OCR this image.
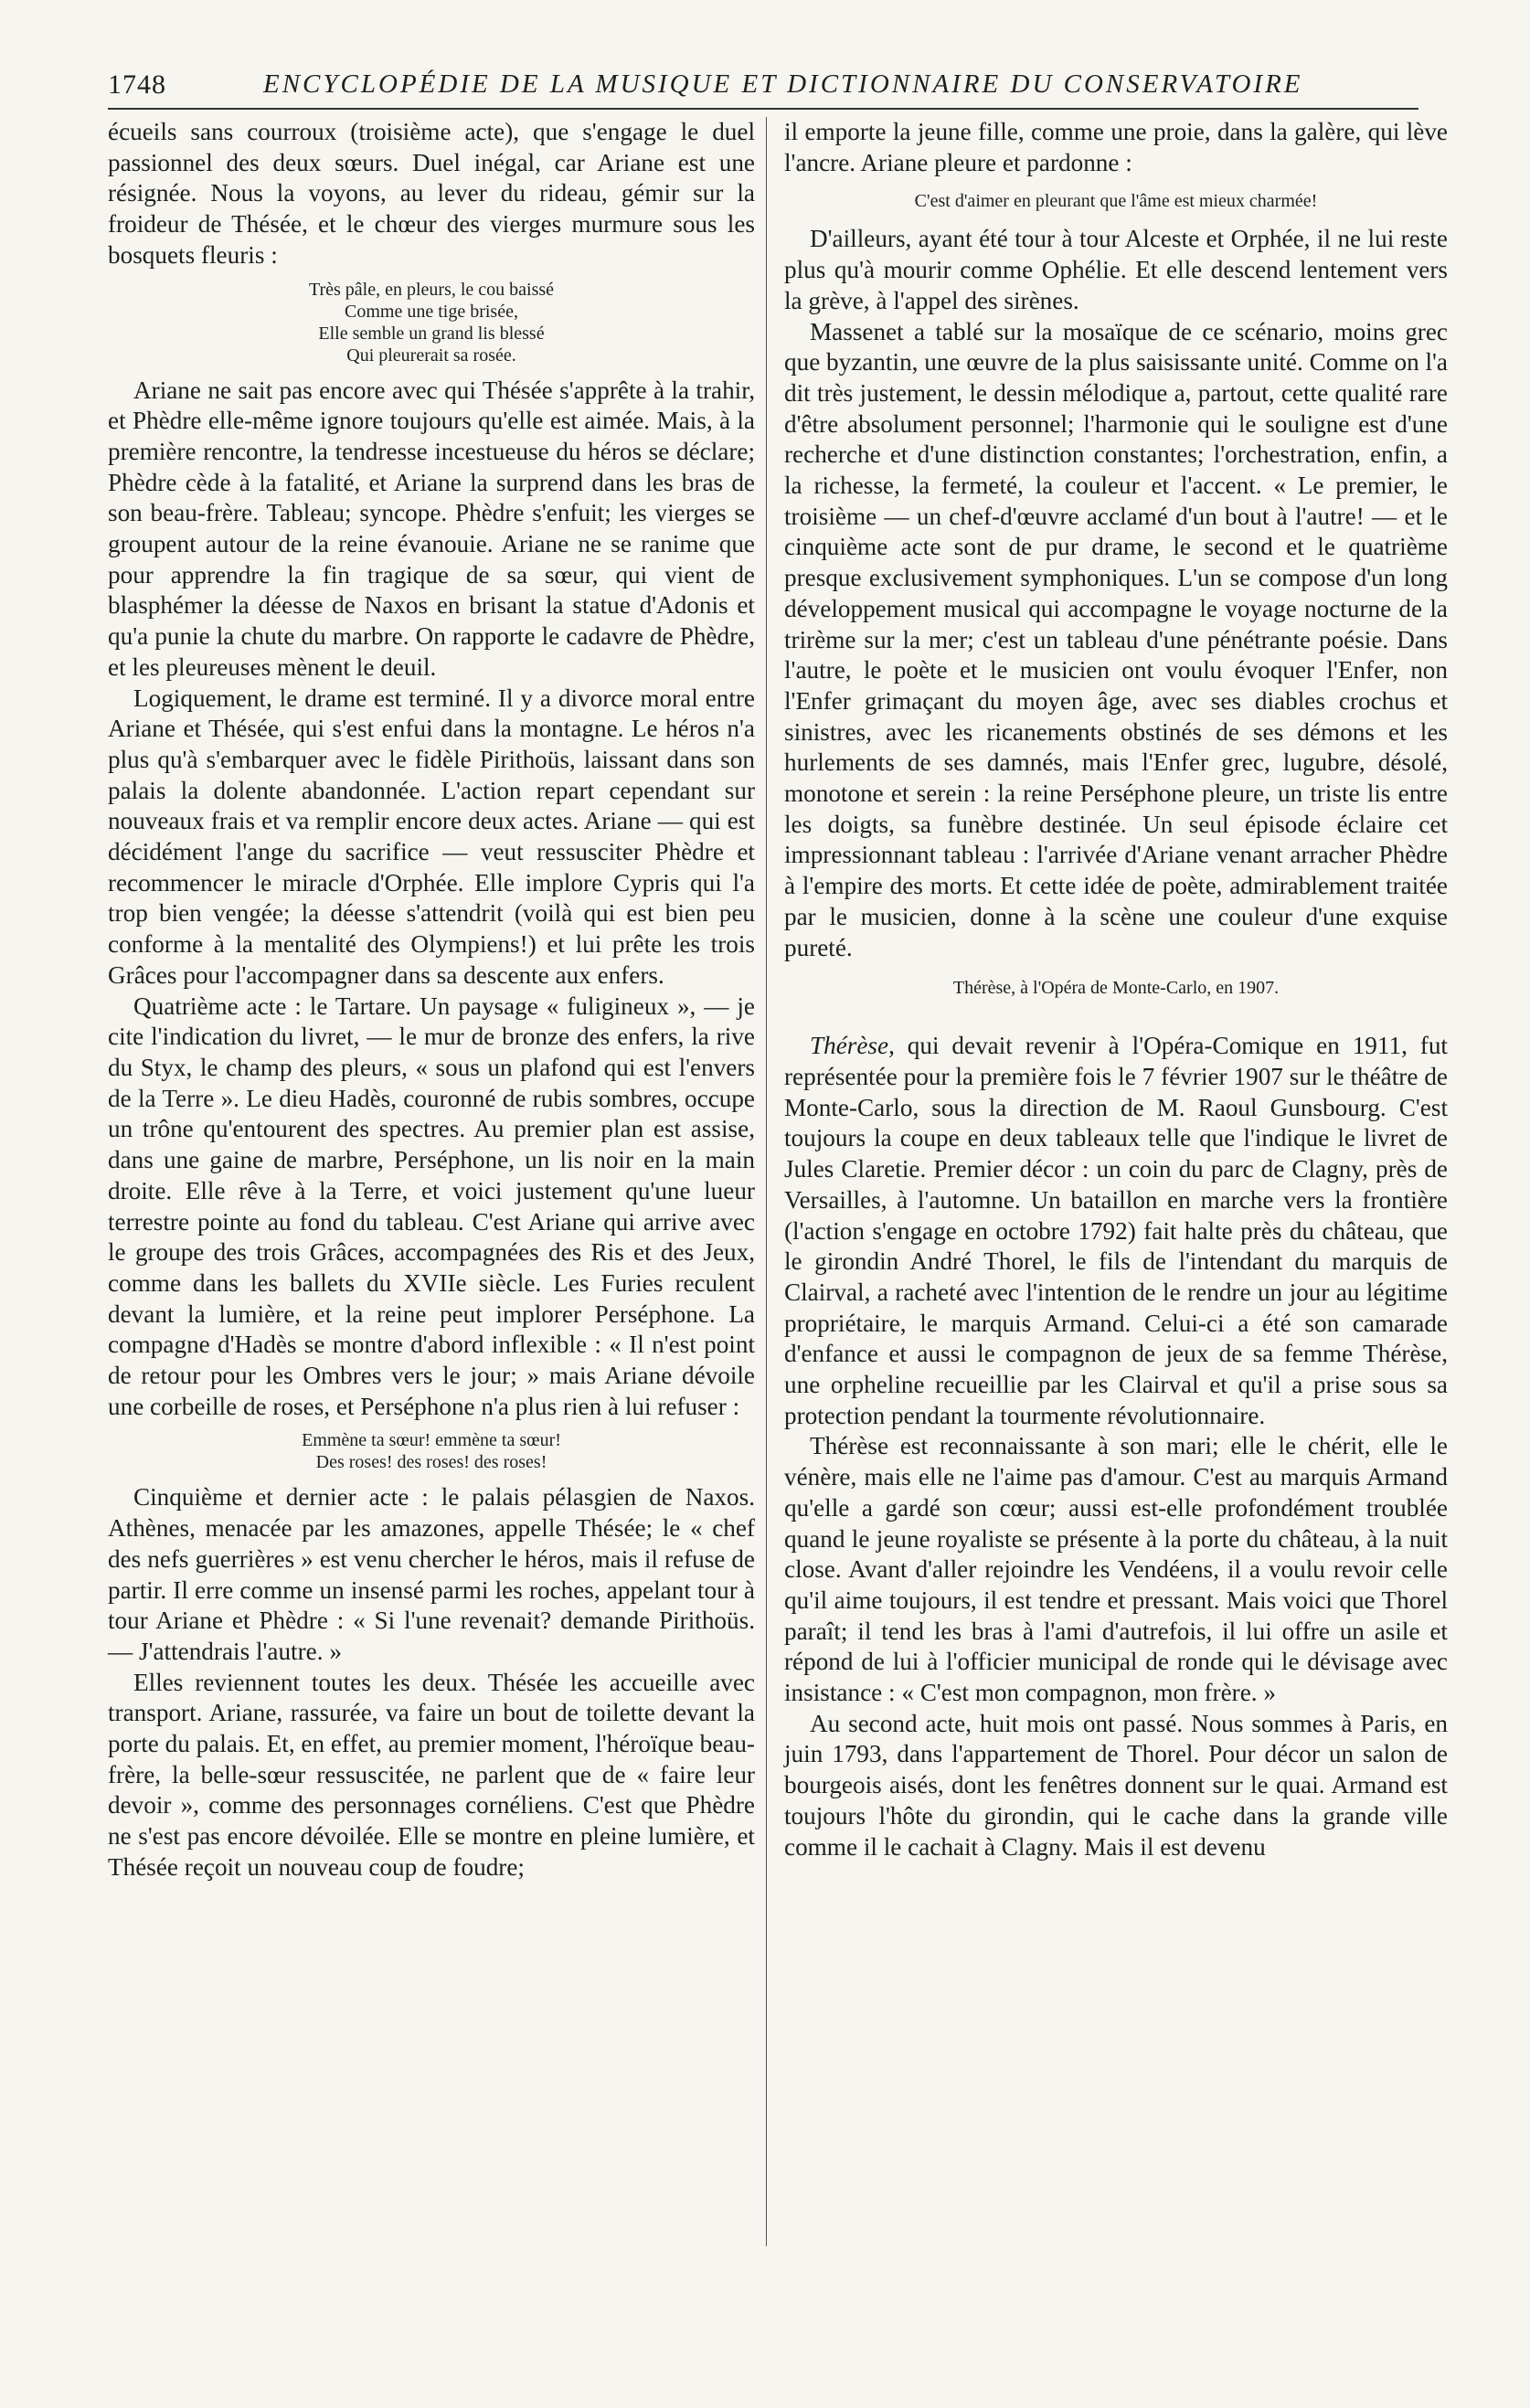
1748	ENCYCLOPÉDIE DE LA MUSIQUE ET DICTIONNAIRE DU CONSERVATOIRE

écueils sans courroux (troisième acte), que s'engage le duel passionnel des deux sœurs. Duel inégal, car Ariane est une résignée. Nous la voyons, au lever du rideau, gémir sur la froideur de Thésée, et le chœur des vierges murmure sous les bosquets fleuris :

Très pâle, en pleurs, le cou baissé
Comme une tige brisée,
Elle semble un grand lis blessé
Qui pleurerait sa rosée.

Ariane ne sait pas encore avec qui Thésée s'apprête à la trahir, et Phèdre elle-même ignore toujours qu'elle est aimée. Mais, à la première rencontre, la tendresse incestueuse du héros se déclare; Phèdre cède à la fatalité, et Ariane la surprend dans les bras de son beau-frère. Tableau; syncope. Phèdre s'enfuit; les vierges se groupent autour de la reine évanouie. Ariane ne se ranime que pour apprendre la fin tragique de sa sœur, qui vient de blasphémer la déesse de Naxos en brisant la statue d'Adonis et qu'a punie la chute du marbre. On rapporte le cadavre de Phèdre, et les pleureuses mènent le deuil.

Logiquement, le drame est terminé. Il y a divorce moral entre Ariane et Thésée, qui s'est enfui dans la montagne. Le héros n'a plus qu'à s'embarquer avec le fidèle Pirithoüs, laissant dans son palais la dolente abandonnée. L'action repart cependant sur nouveaux frais et va remplir encore deux actes. Ariane — qui est décidément l'ange du sacrifice — veut ressusciter Phèdre et recommencer le miracle d'Orphée. Elle implore Cypris qui l'a trop bien vengée; la déesse s'attendrit (voilà qui est bien peu conforme à la mentalité des Olympiens!) et lui prête les trois Grâces pour l'accompagner dans sa descente aux enfers.

Quatrième acte : le Tartare. Un paysage « fuligineux », — je cite l'indication du livret, — le mur de bronze des enfers, la rive du Styx, le champ des pleurs, « sous un plafond qui est l'envers de la Terre ». Le dieu Hadès, couronné de rubis sombres, occupe un trône qu'entourent des spectres. Au premier plan est assise, dans une gaine de marbre, Perséphone, un lis noir en la main droite. Elle rêve à la Terre, et voici justement qu'une lueur terrestre pointe au fond du tableau. C'est Ariane qui arrive avec le groupe des trois Grâces, accompagnées des Ris et des Jeux, comme dans les ballets du XVIIe siècle. Les Furies reculent devant la lumière, et la reine peut implorer Perséphone. La compagne d'Hadès se montre d'abord inflexible : « Il n'est point de retour pour les Ombres vers le jour; » mais Ariane dévoile une corbeille de roses, et Perséphone n'a plus rien à lui refuser :

Emmène ta sœur! emmène ta sœur!
Des roses! des roses! des roses!

Cinquième et dernier acte : le palais pélasgien de Naxos. Athènes, menacée par les amazones, appelle Thésée; le « chef des nefs guerrières » est venu chercher le héros, mais il refuse de partir. Il erre comme un insensé parmi les roches, appelant tour à tour Ariane et Phèdre : « Si l'une revenait? demande Pirithoüs. — J'attendrais l'autre. »

Elles reviennent toutes les deux. Thésée les accueille avec transport. Ariane, rassurée, va faire un bout de toilette devant la porte du palais. Et, en effet, au premier moment, l'héroïque beau-frère, la belle-sœur ressuscitée, ne parlent que de « faire leur devoir », comme des personnages cornéliens. C'est que Phèdre ne s'est pas encore dévoilée. Elle se montre en pleine lumière, et Thésée reçoit un nouveau coup de foudre;

il emporte la jeune fille, comme une proie, dans la galère, qui lève l'ancre. Ariane pleure et pardonne :

C'est d'aimer en pleurant que l'âme est mieux charmée!

D'ailleurs, ayant été tour à tour Alceste et Orphée, il ne lui reste plus qu'à mourir comme Ophélie. Et elle descend lentement vers la grève, à l'appel des sirènes.

Massenet a tablé sur la mosaïque de ce scénario, moins grec que byzantin, une œuvre de la plus saisissante unité. Comme on l'a dit très justement, le dessin mélodique a, partout, cette qualité rare d'être absolument personnel; l'harmonie qui le souligne est d'une recherche et d'une distinction constantes; l'orchestration, enfin, a la richesse, la fermeté, la couleur et l'accent. « Le premier, le troisième — un chef-d'œuvre acclamé d'un bout à l'autre! — et le cinquième acte sont de pur drame, le second et le quatrième presque exclusivement symphoniques. L'un se compose d'un long développement musical qui accompagne le voyage nocturne de la trirème sur la mer; c'est un tableau d'une pénétrante poésie. Dans l'autre, le poète et le musicien ont voulu évoquer l'Enfer, non l'Enfer grimaçant du moyen âge, avec ses diables crochus et sinistres, avec les ricanements obstinés de ses démons et les hurlements de ses damnés, mais l'Enfer grec, lugubre, désolé, monotone et serein : la reine Perséphone pleure, un triste lis entre les doigts, sa funèbre destinée. Un seul épisode éclaire cet impressionnant tableau : l'arrivée d'Ariane venant arracher Phèdre à l'empire des morts. Et cette idée de poète, admirablement traitée par le musicien, donne à la scène une couleur d'une exquise pureté.

Thérèse, à l'Opéra de Monte-Carlo, en 1907.

Thérèse, qui devait revenir à l'Opéra-Comique en 1911, fut représentée pour la première fois le 7 février 1907 sur le théâtre de Monte-Carlo, sous la direction de M. Raoul Gunsbourg. C'est toujours la coupe en deux tableaux telle que l'indique le livret de Jules Claretie. Premier décor : un coin du parc de Clagny, près de Versailles, à l'automne. Un bataillon en marche vers la frontière (l'action s'engage en octobre 1792) fait halte près du château, que le girondin André Thorel, le fils de l'intendant du marquis de Clairval, a racheté avec l'intention de le rendre un jour au légitime propriétaire, le marquis Armand. Celui-ci a été son camarade d'enfance et aussi le compagnon de jeux de sa femme Thérèse, une orpheline recueillie par les Clairval et qu'il a prise sous sa protection pendant la tourmente révolutionnaire.

Thérèse est reconnaissante à son mari; elle le chérit, elle le vénère, mais elle ne l'aime pas d'amour. C'est au marquis Armand qu'elle a gardé son cœur; aussi est-elle profondément troublée quand le jeune royaliste se présente à la porte du château, à la nuit close. Avant d'aller rejoindre les Vendéens, il a voulu revoir celle qu'il aime toujours, il est tendre et pressant. Mais voici que Thorel paraît; il tend les bras à l'ami d'autrefois, il lui offre un asile et répond de lui à l'officier municipal de ronde qui le dévisage avec insistance : « C'est mon compagnon, mon frère. »

Au second acte, huit mois ont passé. Nous sommes à Paris, en juin 1793, dans l'appartement de Thorel. Pour décor un salon de bourgeois aisés, dont les fenêtres donnent sur le quai. Armand est toujours l'hôte du girondin, qui le cache dans la grande ville comme il le cachait à Clagny. Mais il est devenu
